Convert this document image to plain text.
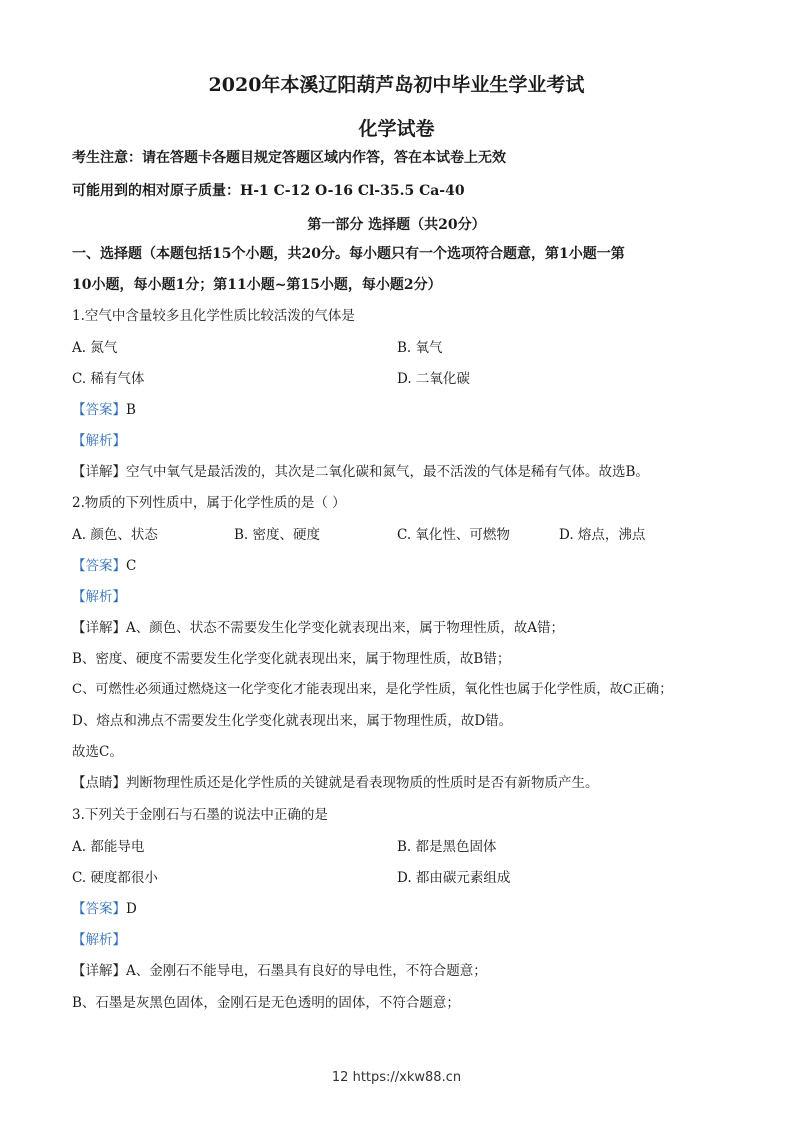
2020年本溪辽阳葫芦岛初中毕业生学业考试
化学试卷
考生注意：请在答题卡各题目规定答题区域内作答，答在本试卷上无效
可能用到的相对原子质量：H-1 C-12 O-16 Cl-35.5 Ca-40
第一部分 选择题（共20分）
一、选择题（本题包括15个小题，共20分。每小题只有一个选项符合题意，第1小题一第
10小题，每小题1分；第11小题~第15小题，每小题2分）
1.空气中含量较多且化学性质比较活泼的气体是
A. 氮气	B. 氧气
C. 稀有气体	D. 二氧化碳
【答案】B
【解析】
【详解】空气中氧气是最活泼的，其次是二氧化碳和氮气，最不活泼的气体是稀有气体。故选B。
2.物质的下列性质中，属于化学性质的是（ ）
A. 颜色、状态	B. 密度、硬度	C. 氧化性、可燃物	D. 熔点，沸点
【答案】C
【解析】
【详解】A、颜色、状态不需要发生化学变化就表现出来，属于物理性质，故A错；
B、密度、硬度不需要发生化学变化就表现出来，属于物理性质，故B错；
C、可燃性必须通过燃烧这一化学变化才能表现出来，是化学性质，氧化性也属于化学性质，故C正确；
D、熔点和沸点不需要发生化学变化就表现出来，属于物理性质，故D错。
故选C。
【点睛】判断物理性质还是化学性质的关键就是看表现物质的性质时是否有新物质产生。
3.下列关于金刚石与石墨的说法中正确的是
A. 都能导电	B. 都是黑色固体
C. 硬度都很小	D. 都由碳元素组成
【答案】D
【解析】
【详解】A、金刚石不能导电，石墨具有良好的导电性，不符合题意；
B、石墨是灰黑色固体，金刚石是无色透明的固体，不符合题意；
12 https://xkw88.cn
